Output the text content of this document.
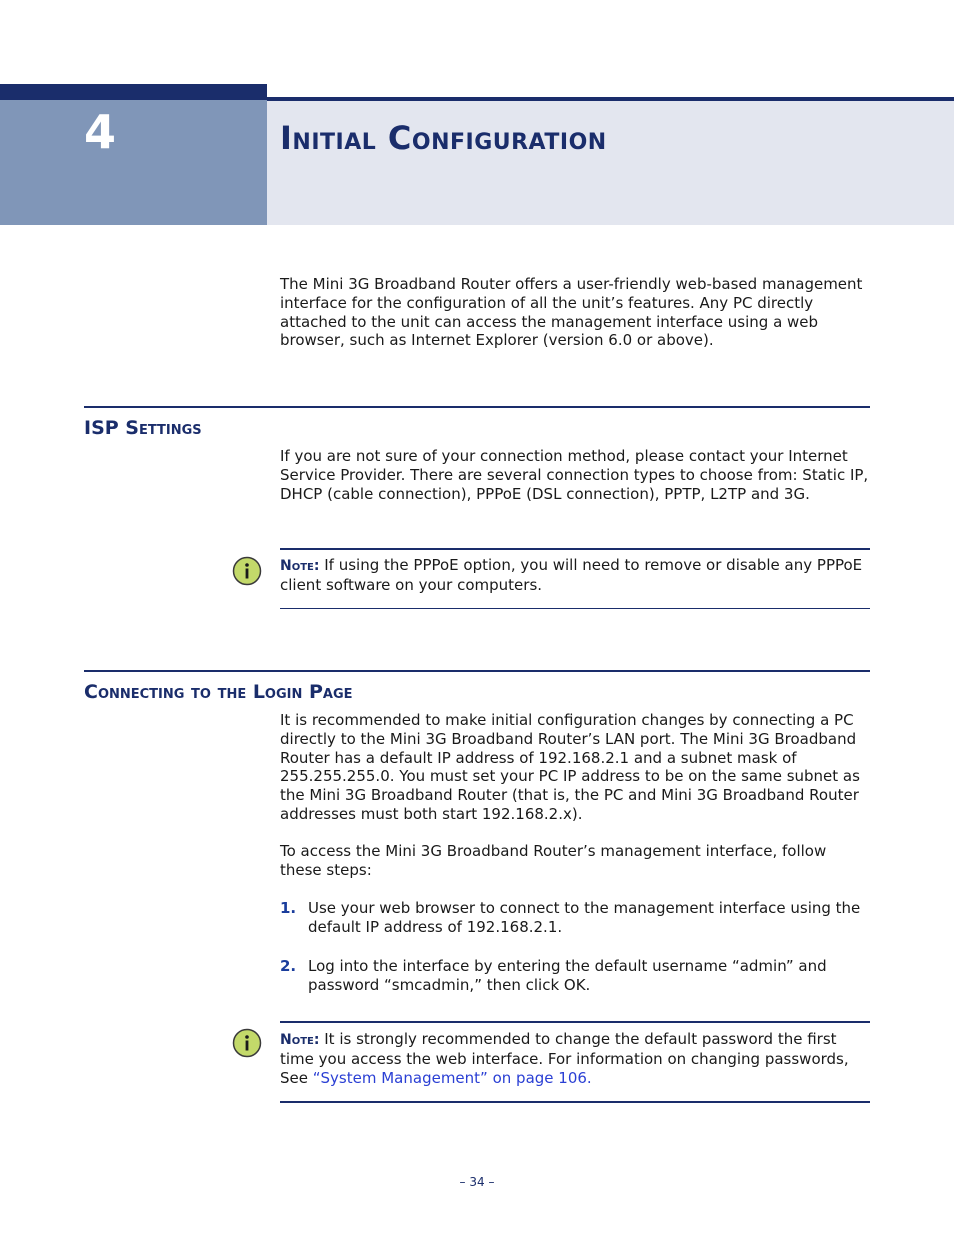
4	Initial Configuration

The Mini 3G Broadband Router offers a user-friendly web-based management interface for the configuration of all the unit’s features. Any PC directly attached to the unit can access the management interface using a web browser, such as Internet Explorer (version 6.0 or above).

ISP Settings

If you are not sure of your connection method, please contact your Internet Service Provider. There are several connection types to choose from: Static IP, DHCP (cable connection), PPPoE (DSL connection), PPTP, L2TP and 3G.

Note: If using the PPPoE option, you will need to remove or disable any PPPoE client software on your computers.

Connecting to the Login Page

It is recommended to make initial configuration changes by connecting a PC directly to the Mini 3G Broadband Router’s LAN port. The Mini 3G Broadband Router has a default IP address of 192.168.2.1 and a subnet mask of 255.255.255.0. You must set your PC IP address to be on the same subnet as the Mini 3G Broadband Router (that is, the PC and Mini 3G Broadband Router addresses must both start 192.168.2.x).

To access the Mini 3G Broadband Router’s management interface, follow these steps:

1. Use your web browser to connect to the management interface using the default IP address of 192.168.2.1.

2. Log into the interface by entering the default username “admin” and password “smcadmin,” then click OK.

Note: It is strongly recommended to change the default password the first time you access the web interface. For information on changing passwords, See “System Management” on page 106.

– 34 –
